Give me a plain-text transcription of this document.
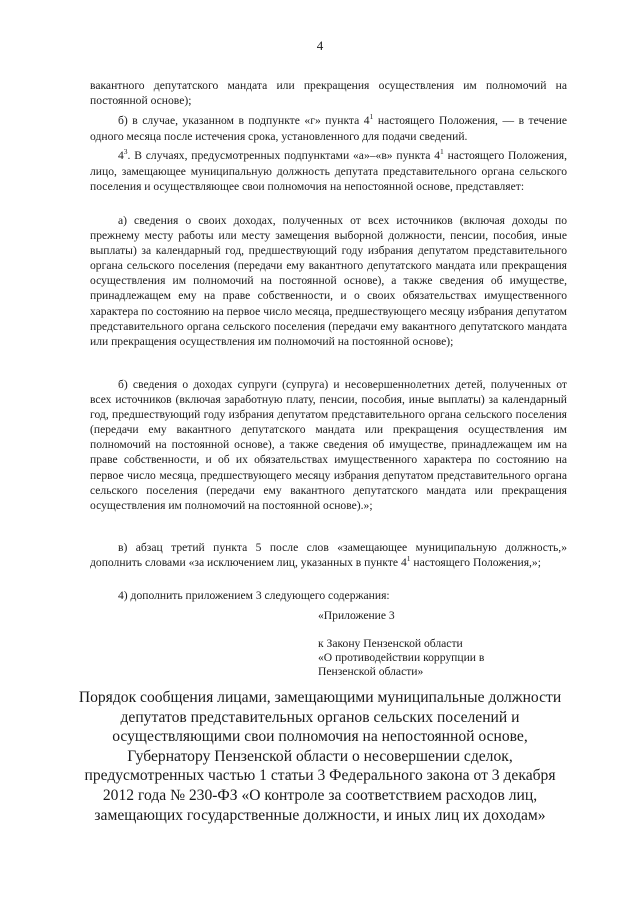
4

вакантного депутатского мандата или прекращения осуществления им полномочий на постоянной основе);

б) в случае, указанном в подпункте «г» пункта $4^1$ настоящего Положения, — в течение одного месяца после истечения срока, установленного для подачи сведений.

$4^3$. В случаях, предусмотренных подпунктами «а»–«в» пункта $4^1$ настоящего Положения, лицо, замещающее муниципальную должность депутата представительного органа сельского поселения и осуществляющее свои полномочия на непостоянной основе, представляет:

а) сведения о своих доходах, полученных от всех источников (включая доходы по прежнему месту работы или месту замещения выборной должности, пенсии, пособия, иные выплаты) за календарный год, предшествующий году избрания депутатом представительного органа сельского поселения (передачи ему вакантного депутатского мандата или прекращения осуществления им полномочий на постоянной основе), а также сведения об имуществе, принадлежащем ему на праве собственности, и о своих обязательствах имущественного характера по состоянию на первое число месяца, предшествующего месяцу избрания депутатом представительного органа сельского поселения (передачи ему вакантного депутатского мандата или прекращения осуществления им полномочий на постоянной основе);

б) сведения о доходах супруги (супруга) и несовершеннолетних детей, полученных от всех источников (включая заработную плату, пенсии, пособия, иные выплаты) за календарный год, предшествующий году избрания депутатом представительного органа сельского поселения (передачи ему вакантного депутатского мандата или прекращения осуществления им полномочий на постоянной основе), а также сведения об имуществе, принадлежащем им на праве собственности, и об их обязательствах имущественного характера по состоянию на первое число месяца, предшествующего месяцу избрания депутатом представительного органа сельского поселения (передачи ему вакантного депутатского мандата или прекращения осуществления им полномочий на постоянной основе).»;

в) абзац третий пункта 5 после слов «замещающее муниципальную должность,» дополнить словами «за исключением лиц, указанных в пункте $4^1$ настоящего Положения,»;

4) дополнить приложением 3 следующего содержания:

«Приложение 3

к Закону Пензенской области

«О противодействии коррупции в

Пензенской области»

Порядок сообщения лицами, замещающими муниципальные должности

депутатов представительных органов сельских поселений и

осуществляющими свои полномочия на непостоянной основе,

Губернатору Пензенской области о несовершении сделок,

предусмотренных частью 1 статьи 3 Федерального закона от 3 декабря

2012 года № 230-ФЗ «О контроле за соответствием расходов лиц,

замещающих государственные должности, и иных лиц их доходам»
